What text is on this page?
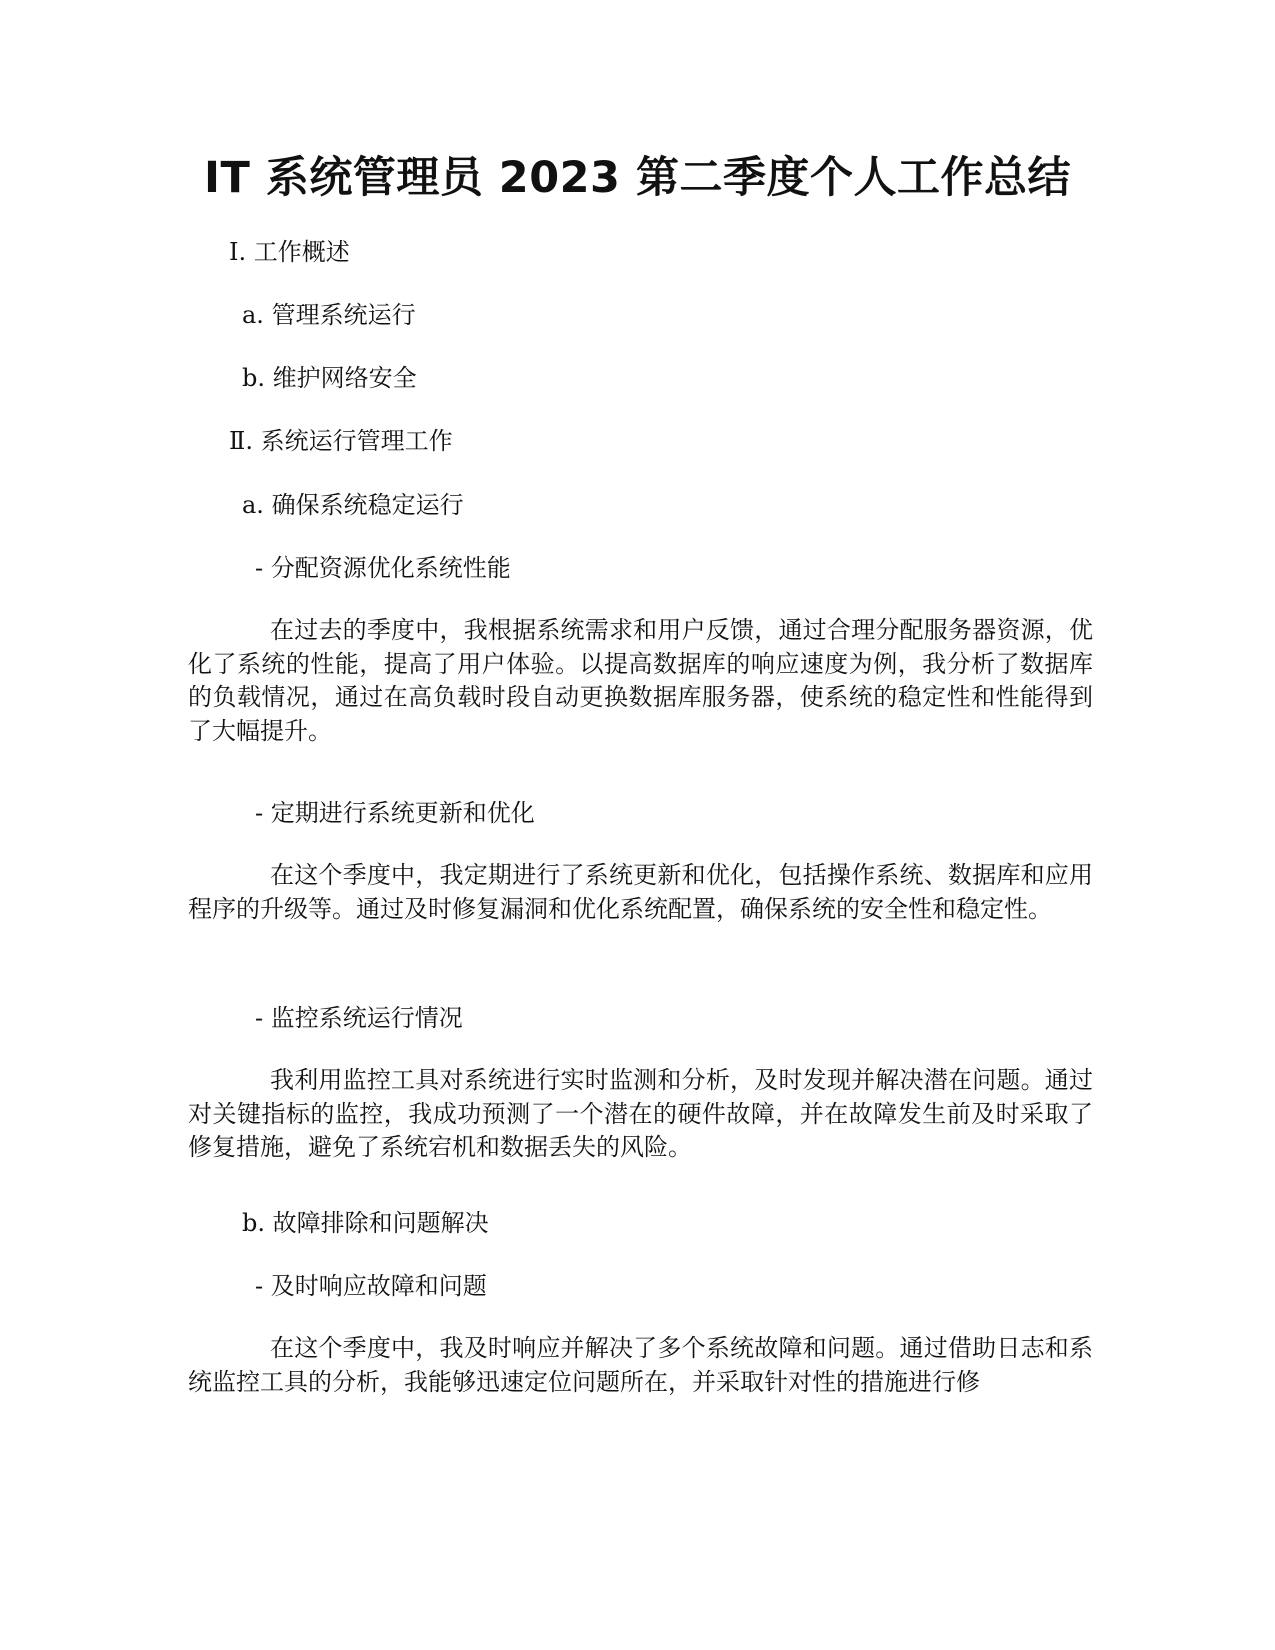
IT 系统管理员 2023 第二季度个人工作总结
I. 工作概述
a. 管理系统运行
b. 维护网络安全
Ⅱ. 系统运行管理工作
a. 确保系统稳定运行
- 分配资源优化系统性能

在过去的季度中，我根据系统需求和用户反馈，通过合理分配服务器资源，优化了系统的性能，提高了用户体验。以提高数据库的响应速度为例，我分析了数据库的负载情况，通过在高负载时段自动更换数据库服务器，使系统的稳定性和性能得到了大幅提升。

- 定期进行系统更新和优化

在这个季度中，我定期进行了系统更新和优化，包括操作系统、数据库和应用程序的升级等。通过及时修复漏洞和优化系统配置，确保系统的安全性和稳定性。

- 监控系统运行情况

我利用监控工具对系统进行实时监测和分析，及时发现并解决潜在问题。通过对关键指标的监控，我成功预测了一个潜在的硬件故障，并在故障发生前及时采取了修复措施，避免了系统宕机和数据丢失的风险。

b. 故障排除和问题解决
- 及时响应故障和问题

在这个季度中，我及时响应并解决了多个系统故障和问题。通过借助日志和系统监控工具的分析，我能够迅速定位问题所在，并采取针对性的措施进行修
